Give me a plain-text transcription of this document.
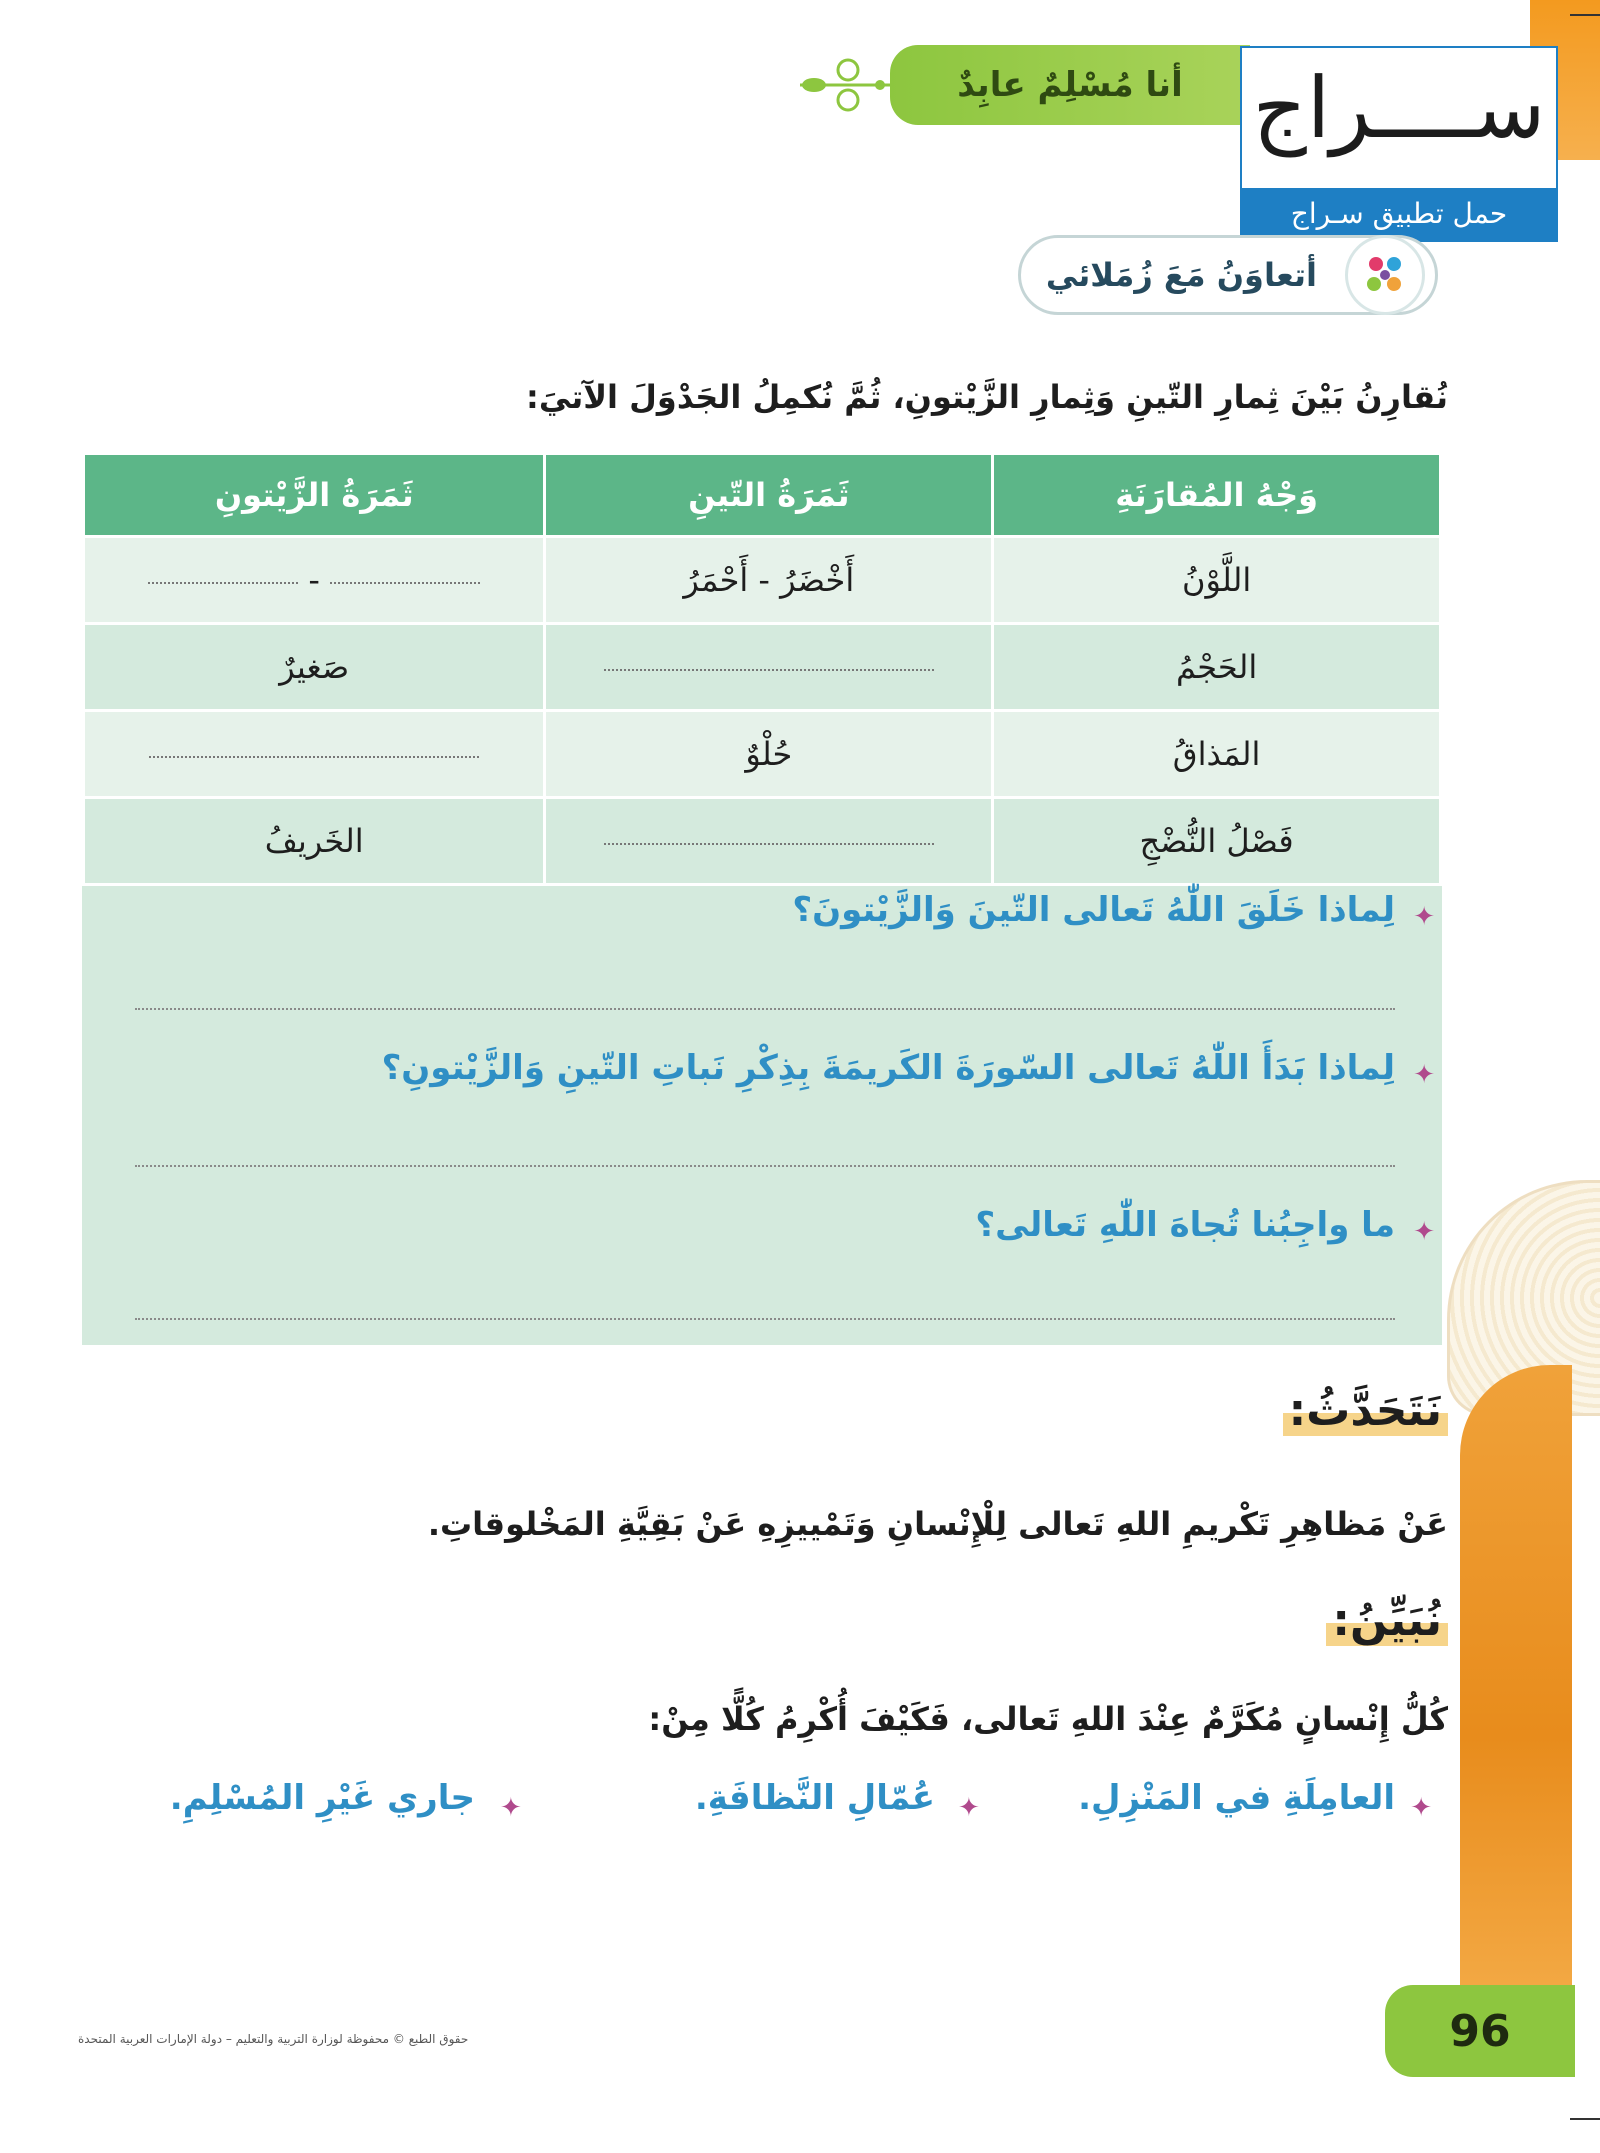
أنا مُسْلِمٌ عابِدٌ ســــراج
حمل تطبيق سـراج
أتعاوَنُ مَعَ زُمَلائي
نُقارِنُ بَيْنَ ثِمارِ التّينِ وَثِمارِ الزَّيْتونِ، ثُمَّ نُكمِلُ الجَدْوَلَ الآتيَ:
وَجْهُ المُقارَنَةِ	ثَمَرَةُ التّينِ	ثَمَرَةُ الزَّيْتونِ
اللَّوْنُ	أَخْضَرُ - أَحْمَرُ	-
الحَجْمُ		صَغيرٌ
المَذاقُ	حُلْوٌ	
فَصْلُ النُّضْجِ		الخَريفُ
✦
لِماذا خَلَقَ اللّٰهُ تَعالى التّينَ وَالزَّيْتونَ؟
✦
لِماذا بَدَأَ اللّٰهُ تَعالى السّورَةَ الكَريمَةَ بِذِكْرِ نَباتِ التّينِ وَالزَّيْتونِ؟
✦
ما واجِبُنا تُجاهَ اللّٰهِ تَعالى؟
نَتَحَدَّثُ:
عَنْ مَظاهِرِ تَكْريمِ اللهِ تَعالى لِلْإِنْسانِ وَتَمْييزِهِ عَنْ بَقِيَّةِ المَخْلوقاتِ.
نُبَيِّنُ:
كُلُّ إِنْسانٍ مُكَرَّمٌ عِنْدَ اللهِ تَعالى، فَكَيْفَ أُكْرِمُ كُلًّا مِنْ:
✦
العامِلَةِ في المَنْزِلِ.
✦
عُمّالِ النَّظافَةِ.
✦
جاري غَيْرِ المُسْلِمِ.
حقوق الطبع © محفوظة لوزارة التربية والتعليم – دولة الإمارات العربية المتحدة	96
